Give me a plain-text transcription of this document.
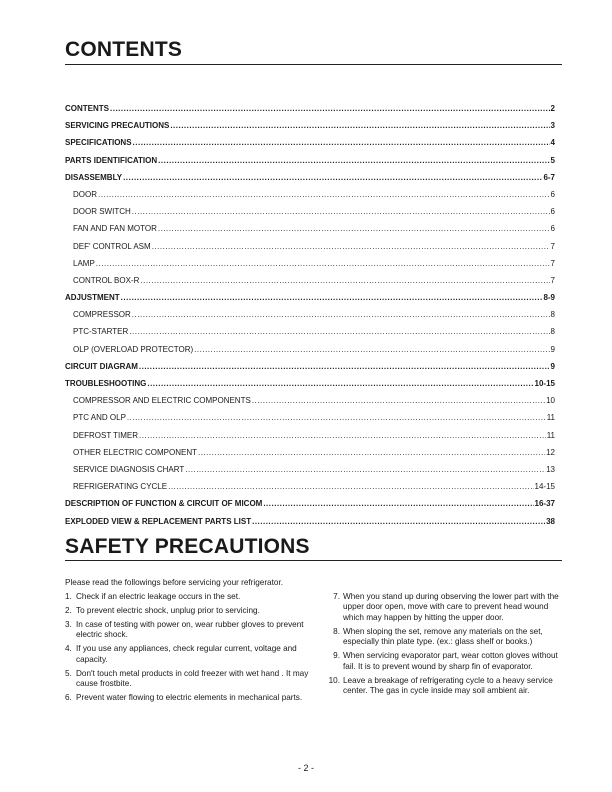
CONTENTS
CONTENTS .....	2
SERVICING PRECAUTIONS .....	3
SPECIFICATIONS .....	4
PARTS IDENTIFICATION .....	5
DISASSEMBLY .....	6-7
DOOR .....	6
DOOR SWITCH .....	6
FAN AND FAN MOTOR .....	6
DEF' CONTROL ASM .....	7
LAMP .....	7
CONTROL BOX-R .....	7
ADJUSTMENT .....	8-9
COMPRESSOR .....	8
PTC-STARTER .....	8
OLP (OVERLOAD PROTECTOR) .....	9
CIRCUIT DIAGRAM .....	9
TROUBLESHOOTING .....	10-15
COMPRESSOR AND ELECTRIC COMPONENTS .....	10
PTC AND OLP .....	11
DEFROST TIMER .....	11
OTHER ELECTRIC COMPONENT .....	12
SERVICE DIAGNOSIS CHART .....	13
REFRIGERATING CYCLE .....	14-15
DESCRIPTION OF FUNCTION & CIRCUIT OF MICOM .....	16-37
EXPLODED VIEW & REPLACEMENT PARTS LIST .....	38
SAFETY PRECAUTIONS
Please read the followings before servicing your refrigerator.
1. Check if an electric leakage occurs in the set.
2. To prevent electric shock, unplug prior to servicing.
3. In case of testing with power on, wear rubber gloves to prevent electric shock.
4. If you use any appliances, check regular current, voltage and capacity.
5. Don't touch metal products in cold freezer with wet hand . It may cause frostbite.
6. Prevent water flowing to electric elements in mechanical parts.
7. When you stand up during observing the lower part with the upper door open, move with care to prevent head wound which may happen by hitting the upper door.
8. When sloping the set, remove any materials on the set, especially thin plate type. (ex.: glass shelf or books.)
9. When servicing evaporator part, wear cotton gloves without fail. It is to prevent wound by sharp fin of evaporator.
10. Leave a breakage of refrigerating cycle to a heavy service center. The gas in cycle inside may soil ambient air.
- 2 -
